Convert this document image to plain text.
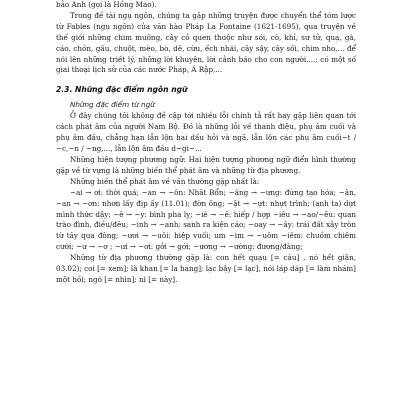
bảo Anh (gọi là Hồng Mao).

Trong đề tài ngụ ngôn, chúng ta gặp những truyện được chuyển thể tóm lược từ Fables (ngụ ngôn) của văn hào Pháp La Fontaine (1621-1695), qua truyện về thế giới những chim muông, cây cỏ quen thuộc như sói, cò, khỉ, sư tử, quạ, gà, cáo, chồn, gấu, chuột, mèo, bò, dê, cừu, ếch nhái, cây sậy, cây sồi, chim nho,... để nói lên những triết lý, những lời khuyên, lời cảnh báo cho con người,...; có một số giai thoại lịch sử của các nước Pháp, Á Rập,...

2.3. Những đặc điểm ngôn ngữ

Những đặc điểm từ ngữ

Ở đây chúng tôi không đề cập tới nhiều lỗi chính tả rất hay gặp liên quan tới cách phát âm của người Nam Bộ. Đó là những lỗi về thanh điệu, phụ âm cuối và phụ âm đầu, chẳng hạn lẫn lộn hai dấu hỏi và ngã, lẫn lộn các phụ âm cuối~t / ~c,~n / ~ng,..., lẫn lộn âm đầu d~gi~...

Những hiện tượng phương ngữ: Hai hiện tượng phương ngữ điển hình thường gặp về từ vựng là những biến thể phát âm và những từ địa phương.

Những biến thể phát âm về vần thường gặp nhất là:

~ai → ơi: thời quá; ~an → ~ôn: Nhât Bổn; ~ăng → ~ưng: đứng tạo hóa; ~ân, ~an → ~ơn: nhơn lấy địp ấy (11.01); đờn ông; ~ật → ~ựt: nhựt trình; (anh ta) dựt mình thức dậy; ~ê → ~y: bình pha lỵ; ~iê → ~ê: hiếp / hợp ~iêu → ~ao/~êu: quan trào đình, điều/đêu; ~inh → ~anh: sanh ra kiện cáo; ~oay → ~ây: trái đất xây tròn từ tây qua đông; ~ươi → ~uôi: hiệp vuối; um ~im → ~uôm ~iêm: chuồm chiêm cười; ~ư → ~ơ ; ~ưi → ~ơi: gởi → gới; ~ương → ~ường: đương/đàng;

Những từ địa phương thường gặp là: con hết quạu [= cáu] , nó hết giận, 03.02); coi [= xem]; là khan [= la hang]; lạc bậy [= lạc], nói láp dáp [= làm nhám] một hồi; ngó [= nhìn]; nì [= này].
